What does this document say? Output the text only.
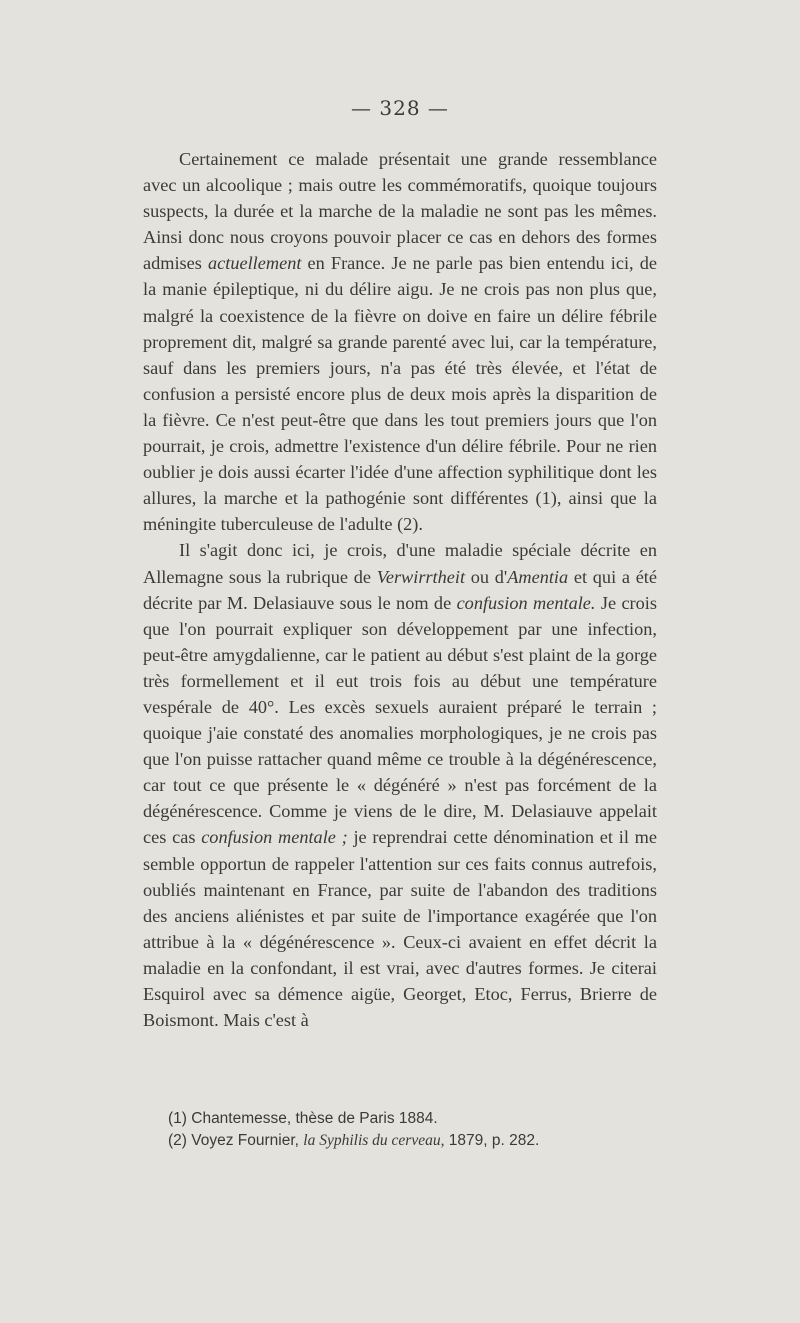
— 328 —

Certainement ce malade présentait une grande ressemblance avec un alcoolique ; mais outre les commémoratifs, quoique toujours suspects, la durée et la marche de la maladie ne sont pas les mêmes. Ainsi donc nous croyons pouvoir placer ce cas en dehors des formes admises actuellement en France. Je ne parle pas bien entendu ici, de la manie épileptique, ni du délire aigu. Je ne crois pas non plus que, malgré la coexistence de la fièvre on doive en faire un délire fébrile proprement dit, malgré sa grande parenté avec lui, car la température, sauf dans les premiers jours, n'a pas été très élevée, et l'état de confusion a persisté encore plus de deux mois après la disparition de la fièvre. Ce n'est peut-être que dans les tout premiers jours que l'on pourrait, je crois, admettre l'existence d'un délire fébrile. Pour ne rien oublier je dois aussi écarter l'idée d'une affection syphilitique dont les allures, la marche et la pathogénie sont différentes (1), ainsi que la méningite tuberculeuse de l'adulte (2).

Il s'agit donc ici, je crois, d'une maladie spéciale décrite en Allemagne sous la rubrique de Verwirrtheit ou d'Amentia et qui a été décrite par M. Delasiauve sous le nom de confusion mentale. Je crois que l'on pourrait expliquer son développement par une infection, peut-être amygdalienne, car le patient au début s'est plaint de la gorge très formellement et il eut trois fois au début une température vespérale de 40°. Les excès sexuels auraient préparé le terrain ; quoique j'aie constaté des anomalies morphologiques, je ne crois pas que l'on puisse rattacher quand même ce trouble à la dégénérescence, car tout ce que présente le « dégénéré » n'est pas forcément de la dégénérescence. Comme je viens de le dire, M. Delasiauve appelait ces cas confusion mentale ; je reprendrai cette dénomination et il me semble opportun de rappeler l'attention sur ces faits connus autrefois, oubliés maintenant en France, par suite de l'abandon des traditions des anciens aliénistes et par suite de l'importance exagérée que l'on attribue à la « dégénérescence ». Ceux-ci avaient en effet décrit la maladie en la confondant, il est vrai, avec d'autres formes. Je citerai Esquirol avec sa démence aigüe, Georget, Etoc, Ferrus, Brierre de Boismont. Mais c'est à

(1) Chantemesse, thèse de Paris 1884.
(2) Voyez Fournier, la Syphilis du cerveau, 1879, p. 282.
